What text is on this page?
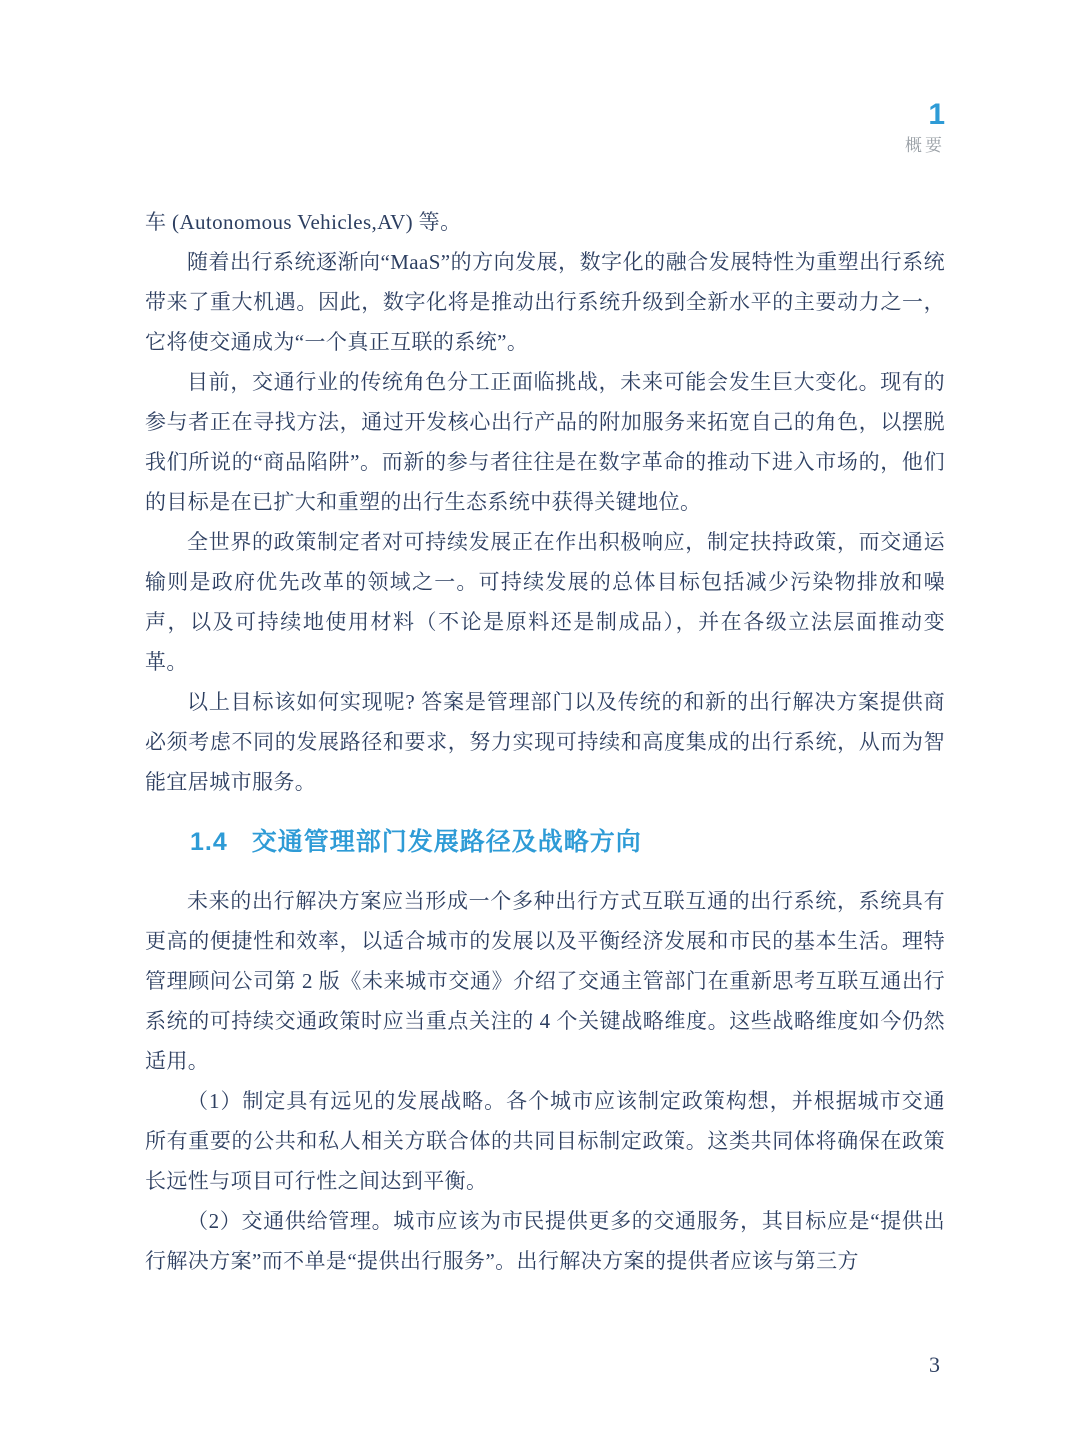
1
概要

车 (Autonomous Vehicles,AV) 等。

随着出行系统逐渐向“MaaS”的方向发展，数字化的融合发展特性为重塑出行系统带来了重大机遇。因此，数字化将是推动出行系统升级到全新水平的主要动力之一，它将使交通成为“一个真正互联的系统”。

目前，交通行业的传统角色分工正面临挑战，未来可能会发生巨大变化。现有的参与者正在寻找方法，通过开发核心出行产品的附加服务来拓宽自己的角色，以摆脱我们所说的“商品陷阱”。而新的参与者往往是在数字革命的推动下进入市场的，他们的目标是在已扩大和重塑的出行生态系统中获得关键地位。

全世界的政策制定者对可持续发展正在作出积极响应，制定扶持政策，而交通运输则是政府优先改革的领域之一。可持续发展的总体目标包括减少污染物排放和噪声，以及可持续地使用材料（不论是原料还是制成品），并在各级立法层面推动变革。

以上目标该如何实现呢? 答案是管理部门以及传统的和新的出行解决方案提供商必须考虑不同的发展路径和要求，努力实现可持续和高度集成的出行系统，从而为智能宜居城市服务。

1.4 交通管理部门发展路径及战略方向

未来的出行解决方案应当形成一个多种出行方式互联互通的出行系统，系统具有更高的便捷性和效率，以适合城市的发展以及平衡经济发展和市民的基本生活。理特管理顾问公司第 2 版《未来城市交通》介绍了交通主管部门在重新思考互联互通出行系统的可持续交通政策时应当重点关注的 4 个关键战略维度。这些战略维度如今仍然适用。

（1）制定具有远见的发展战略。各个城市应该制定政策构想，并根据城市交通所有重要的公共和私人相关方联合体的共同目标制定政策。这类共同体将确保在政策长远性与项目可行性之间达到平衡。

（2）交通供给管理。城市应该为市民提供更多的交通服务，其目标应是“提供出行解决方案”而不单是“提供出行服务”。出行解决方案的提供者应该与第三方

3
